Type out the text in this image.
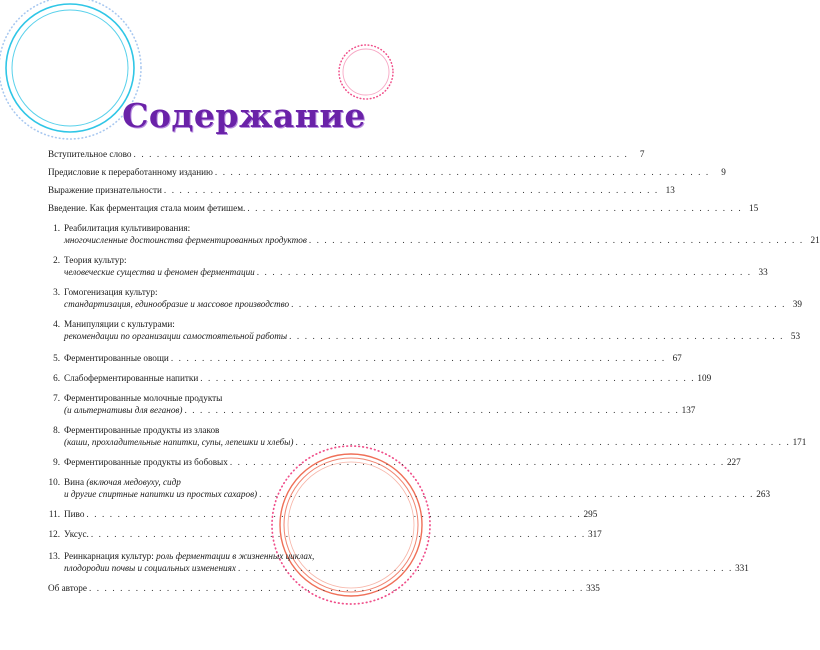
Содержание
Вступительное слово . . . . . . . . . . . . . . . . . . . . . . . . . . . . . . . . . . . . . . . . . . . . . . . . . . . . . . . . . . . . . . . .	7
Предисловие к переработанному изданию . . . . . . . . . . . . . . . . . . . . . . . . . . . . . . . . . . . . . . . . . . . . . . . . . . . . . . . . . . . . . . . .	9
Выражение признательности . . . . . . . . . . . . . . . . . . . . . . . . . . . . . . . . . . . . . . . . . . . . . . . . . . . . . . . . . . . . . . . . 13
Введение. Как ферментация стала моим фетишем. . . . . . . . . . . . . . . . . . . . . . . . . . . . . . . . . . . . . . . . . . . . . . . . . . . . . . . . . . . . . . . . . 15
1. Реабилитация культивирования:
многочисленные достоинства ферментированных продуктов . . . . . . . . . . . . . . . . . . . . . . . . . . . . . . . . . . . . . . . . . . . . . . . . . . . . . . . . . . . . . . . . 21
2. Теория культур:
человеческие существа и феномен ферментации . . . . . . . . . . . . . . . . . . . . . . . . . . . . . . . . . . . . . . . . . . . . . . . . . . . . . . . . . . . . . . . . 33
3. Гомогенизация культур:
стандартизация, единообразие и массовое производство . . . . . . . . . . . . . . . . . . . . . . . . . . . . . . . . . . . . . . . . . . . . . . . . . . . . . . . . . . . . . . . . 39
4. Манипуляции с культурами:
рекомендации по организации самостоятельной работы . . . . . . . . . . . . . . . . . . . . . . . . . . . . . . . . . . . . . . . . . . . . . . . . . . . . . . . . . . . . . . . . 53
5. Ферментированные овощи . . . . . . . . . . . . . . . . . . . . . . . . . . . . . . . . . . . . . . . . . . . . . . . . . . . . . . . . . . . . . . . . 67
6. Слабоферментированные напитки . . . . . . . . . . . . . . . . . . . . . . . . . . . . . . . . . . . . . . . . . . . . . . . . . . . . . . . . . . . . . . . . 109
7. Ферментированные молочные продукты
(и альтернативы для веганов) . . . . . . . . . . . . . . . . . . . . . . . . . . . . . . . . . . . . . . . . . . . . . . . . . . . . . . . . . . . . . . . . 137
8. Ферментированные продукты из злаков
(каши, прохладительные напитки, супы, лепешки и хлебы) . . . . . . . . . . . . . . . . . . . . . . . . . . . . . . . . . . . . . . . . . . . . . . . . . . . . . . . . . . . . . . . . 171
9. Ферментированные продукты из бобовых . . . . . . . . . . . . . . . . . . . . . . . . . . . . . . . . . . . . . . . . . . . . . . . . . . . . . . . . . . . . . . . . 227
10. Вина (включая медовуху, сидр
и другие спиртные напитки из простых сахаров) . . . . . . . . . . . . . . . . . . . . . . . . . . . . . . . . . . . . . . . . . . . . . . . . . . . . . . . . . . . . . . . . 263
11. Пиво . . . . . . . . . . . . . . . . . . . . . . . . . . . . . . . . . . . . . . . . . . . . . . . . . . . . . . . . . . . . . . . . 295
12. Уксус. . . . . . . . . . . . . . . . . . . . . . . . . . . . . . . . . . . . . . . . . . . . . . . . . . . . . . . . . . . . . . . . . 317
13. Реинкарнация культур: роль ферментации в жизненных циклах,
плодородии почвы и социальных изменениях . . . . . . . . . . . . . . . . . . . . . . . . . . . . . . . . . . . . . . . . . . . . . . . . . . . . . . . . . . . . . . . . 331
Об авторе . . . . . . . . . . . . . . . . . . . . . . . . . . . . . . . . . . . . . . . . . . . . . . . . . . . . . . . . . . . . . . . . 335
